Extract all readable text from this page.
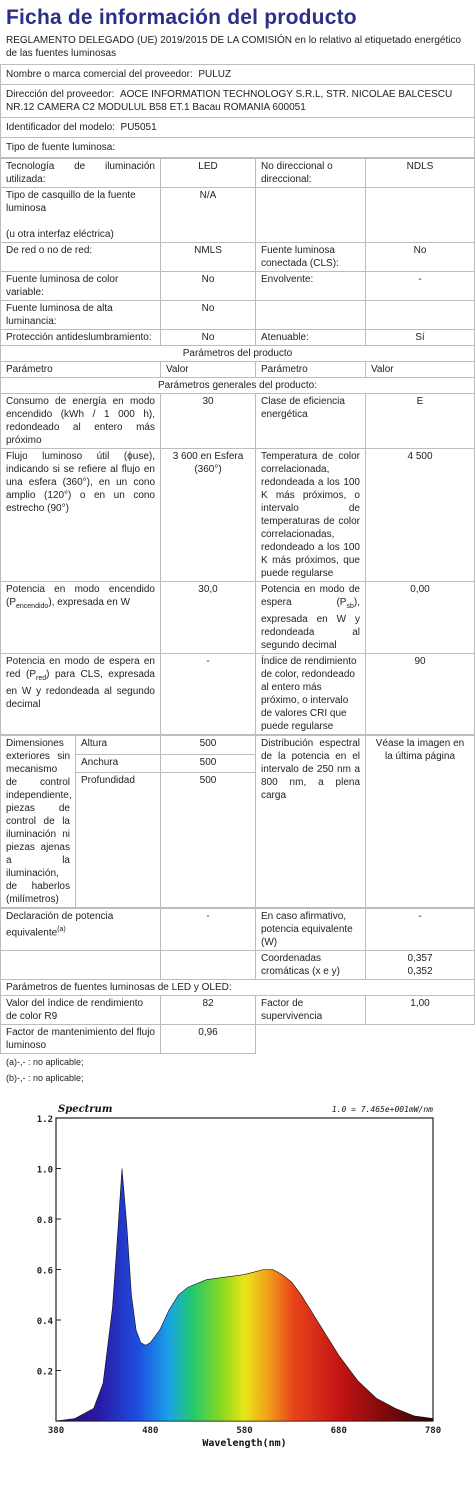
Ficha de información del producto
REGLAMENTO DELEGADO (UE) 2019/2015 DE LA COMISIÓN en lo relativo al etiquetado energético de las fuentes luminosas
Nombre o marca comercial del proveedor: PULUZ
Dirección del proveedor: AOCE INFORMATION TECHNOLOGY S.R.L, STR. NICOLAE BALCESCU NR.12 CAMERA C2 MODULUL B58 ET.1 Bacau ROMANIA 600051
Identificador del modelo: PU5051
Tipo de fuente luminosa:
Tecnología de iluminación utilizada:	LED	No direccional o direccional:	NDLS
Tipo de casquillo de la fuente luminosa

(u otra interfaz eléctrica)	N/A		
De red o no de red:	NMLS	Fuente luminosa conectada (CLS):	No
Fuente luminosa de color variable:	No	Envolvente:	-
Fuente luminosa de alta luminancia:	No		
Protección antideslumbramiento:	No	Atenuable:	Sí
Parámetros del producto			
Parámetro	Valor	Parámetro	Valor
Parámetros generales del producto:			
Consumo de energía en modo encendido (kWh / 1 000 h), redondeado al entero más próximo	30	Clase de eficiencia energética	E
Flujo luminoso útil (ϕuse), indicando si se refiere al flujo en una esfera (360°), en un cono amplio (120°) o en un cono estrecho (90°)	3 600 en Esfera (360°)	Temperatura de color correlacionada, redondeada a los 100 K más próximos, o intervalo de temperaturas de color correlacionadas, redondeado a los 100 K más próximos, que puede regularse	4 500
Potencia en modo encendido $(P_{encendido})$, expresada en W	30,0	Potencia en modo de espera $(P_{sb})$, expresada en W y redondeada al segundo decimal	0,00
Potencia en modo de espera en red $(P_{red})$ para CLS, expresada en W y redondeada al segundo decimal	-	Índice de rendimiento de color, redondeado al entero más próximo, o intervalo de valores CRI que puede regularse	90
Dimensiones exteriores sin mecanismo de control independiente, piezas de control de la iluminación ni piezas ajenas a la iluminación, de haberlos (milímetros)	Altura	500	Distribución espectral de la potencia en el intervalo de 250 nm a 800 nm, a plena carga	Véase la imagen en la última página
	Anchura	500		
	Profundidad	500		
Declaración de potencia equivalente$^{(a)}$	-	En caso afirmativo, potencia equivalente (W)	-
		Coordenadas cromáticas (x e y)	0,357
0,352
Parámetros de fuentes luminosas de LED y OLED:			
Valor del índice de rendimiento de color R9	82	Factor de supervivencia	1,00
Factor de mantenimiento del flujo luminoso	0,96		
(a)-,- : no aplicable;
(b)-,- : no aplicable;
0.2
0.4
0.6
0.8
1.0
1.2
380	480	580	680	780
Spectrum	1.0 = 7.465e+001mW/nm
Wavelength(nm)
